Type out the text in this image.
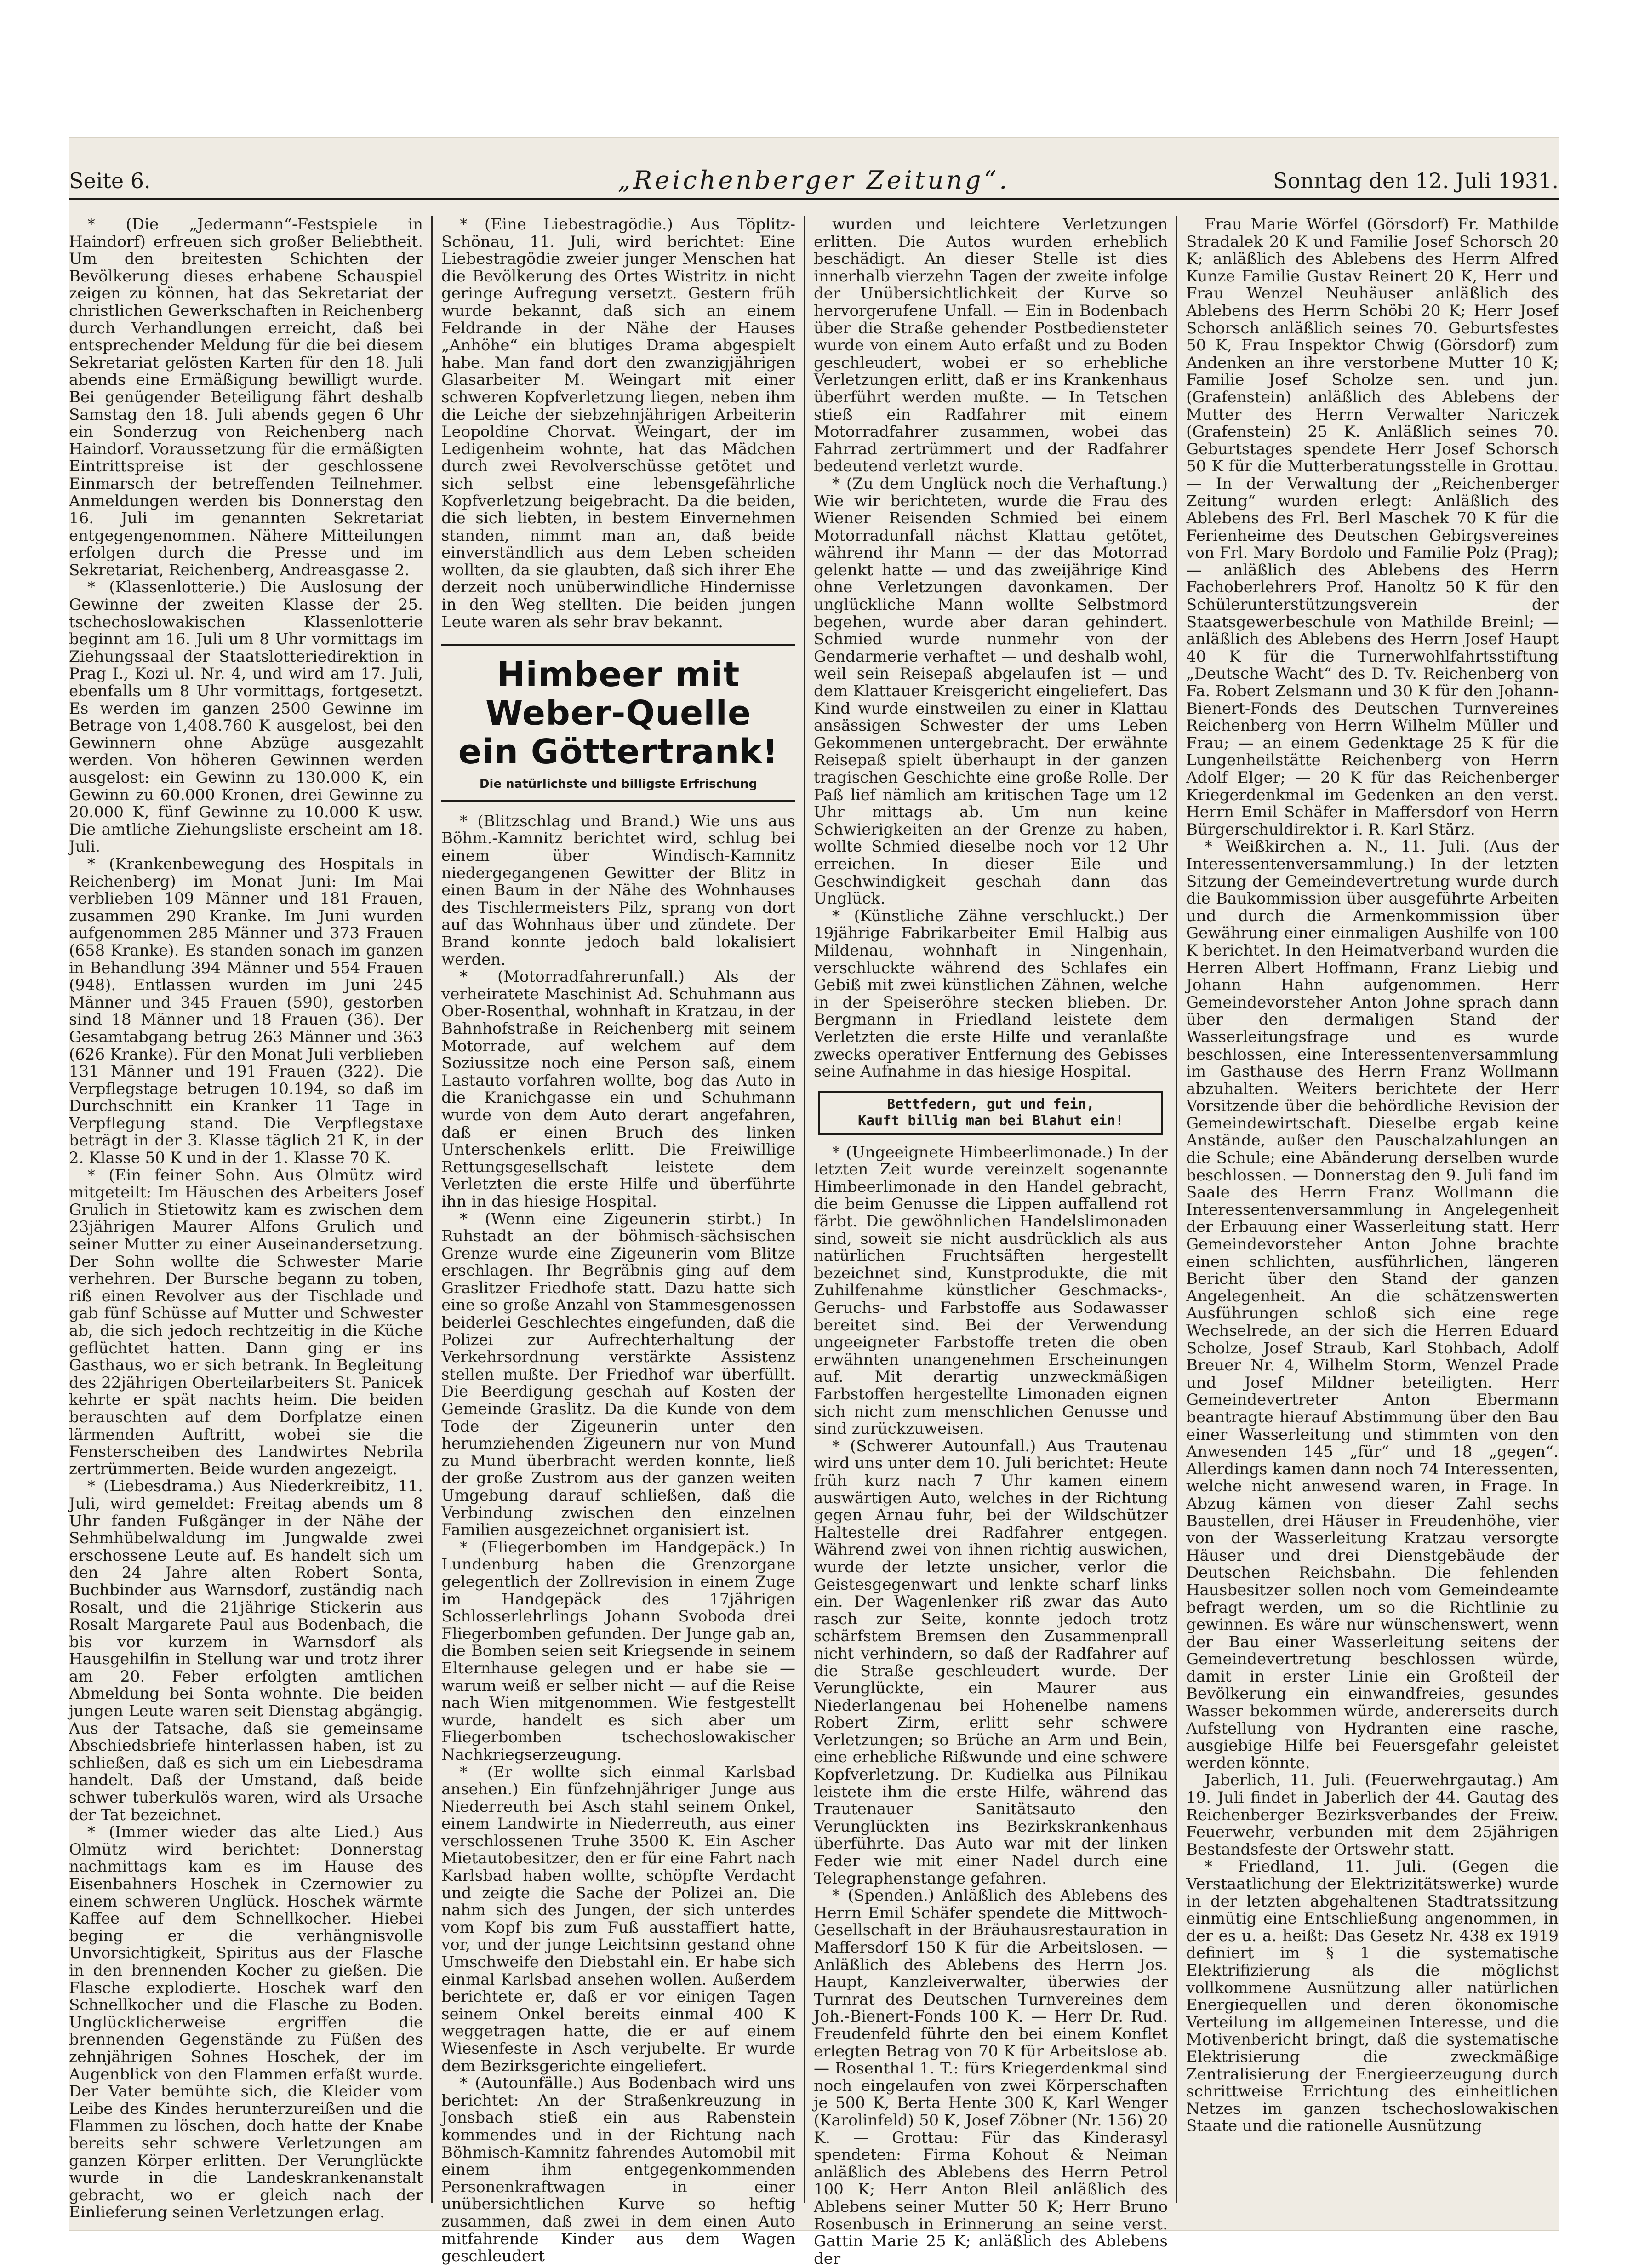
Seite 6.	„Reichenberger Zeitung“.	Sonntag den 12. Juli 1931.

* (Die „Jedermann“-Festspiele in Haindorf) erfreuen sich großer Beliebtheit. Um den breitesten Schichten der Bevölkerung dieses erhabene Schauspiel zeigen zu können, hat das Sekretariat der christlichen Gewerkschaften in Reichenberg durch Verhandlungen erreicht, daß bei entsprechender Meldung für die bei diesem Sekretariat gelösten Karten für den 18. Juli abends eine Ermäßigung bewilligt wurde. Bei genügender Beteiligung fährt deshalb Samstag den 18. Juli abends gegen 6 Uhr ein Sonderzug von Reichenberg nach Haindorf. Voraussetzung für die ermäßigten Eintrittspreise ist der geschlossene Einmarsch der betreffenden Teilnehmer. Anmeldungen werden bis Donnerstag den 16. Juli im genannten Sekretariat entgegengenommen. Nähere Mitteilungen erfolgen durch die Presse und im Sekretariat, Reichenberg, Andreasgasse 2.

* (Klassenlotterie.) Die Auslosung der Gewinne der zweiten Klasse der 25. tschechoslowakischen Klassenlotterie beginnt am 16. Juli um 8 Uhr vormittags im Ziehungssaal der Staatslotteriedirektion in Prag I., Kozi ul. Nr. 4, und wird am 17. Juli, ebenfalls um 8 Uhr vormittags, fortgesetzt. Es werden im ganzen 2500 Gewinne im Betrage von 1,408.760 K ausgelost, bei den Gewinnern ohne Abzüge ausgezahlt werden. Von höheren Gewinnen werden ausgelost: ein Gewinn zu 130.000 K, ein Gewinn zu 60.000 Kronen, drei Gewinne zu 20.000 K, fünf Gewinne zu 10.000 K usw. Die amtliche Ziehungsliste erscheint am 18. Juli.

* (Krankenbewegung des Hospitals in Reichenberg) im Monat Juni: Im Mai verblieben 109 Männer und 181 Frauen, zusammen 290 Kranke. Im Juni wurden aufgenommen 285 Männer und 373 Frauen (658 Kranke). Es standen sonach im ganzen in Behandlung 394 Männer und 554 Frauen (948). Entlassen wurden im Juni 245 Männer und 345 Frauen (590), gestorben sind 18 Männer und 18 Frauen (36). Der Gesamtabgang betrug 263 Männer und 363 (626 Kranke). Für den Monat Juli verblieben 131 Männer und 191 Frauen (322). Die Verpflegstage betrugen 10.194, so daß im Durchschnitt ein Kranker 11 Tage in Verpflegung stand. Die Verpflegstaxe beträgt in der 3. Klasse täglich 21 K, in der 2. Klasse 50 K und in der 1. Klasse 70 K.

* (Ein feiner Sohn. Aus Olmütz wird mitgeteilt: Im Häuschen des Arbeiters Josef Grulich in Stietowitz kam es zwischen dem 23jährigen Maurer Alfons Grulich und seiner Mutter zu einer Auseinandersetzung. Der Sohn wollte die Schwester Marie verhehren. Der Bursche begann zu toben, riß einen Revolver aus der Tischlade und gab fünf Schüsse auf Mutter und Schwester ab, die sich jedoch rechtzeitig in die Küche geflüchtet hatten. Dann ging er ins Gasthaus, wo er sich betrank. In Begleitung des 22jährigen Oberteilarbeiters St. Panicek kehrte er spät nachts heim. Die beiden berauschten auf dem Dorfplatze einen lärmenden Auftritt, wobei sie die Fensterscheiben des Landwirtes Nebrila zertrümmerten. Beide wurden angezeigt.

* (Liebesdrama.) Aus Niederkreibitz, 11. Juli, wird gemeldet: Freitag abends um 8 Uhr fanden Fußgänger in der Nähe der Sehmhübelwaldung im Jungwalde zwei erschossene Leute auf. Es handelt sich um den 24 Jahre alten Robert Sonta, Buchbinder aus Warnsdorf, zuständig nach Rosalt, und die 21jährige Stickerin aus Rosalt Margarete Paul aus Bodenbach, die bis vor kurzem in Warnsdorf als Hausgehilfin in Stellung war und trotz ihrer am 20. Feber erfolgten amtlichen Abmeldung bei Sonta wohnte. Die beiden jungen Leute waren seit Dienstag abgängig. Aus der Tatsache, daß sie gemeinsame Abschiedsbriefe hinterlassen haben, ist zu schließen, daß es sich um ein Liebesdrama handelt. Daß der Umstand, daß beide schwer tuberkulös waren, wird als Ursache der Tat bezeichnet.

* (Immer wieder das alte Lied.) Aus Olmütz wird berichtet: Donnerstag nachmittags kam es im Hause des Eisenbahners Hoschek in Czernowier zu einem schweren Unglück. Hoschek wärmte Kaffee auf dem Schnellkocher. Hiebei beging er die verhängnisvolle Unvorsichtigkeit, Spiritus aus der Flasche in den brennenden Kocher zu gießen. Die Flasche explodierte. Hoschek warf den Schnellkocher und die Flasche zu Boden. Unglücklicherweise ergriffen die brennenden Gegenstände zu Füßen des zehnjährigen Sohnes Hoschek, der im Augenblick von den Flammen erfaßt wurde. Der Vater bemühte sich, die Kleider vom Leibe des Kindes herunterzureißen und die Flammen zu löschen, doch hatte der Knabe bereits sehr schwere Verletzungen am ganzen Körper erlitten. Der Verunglückte wurde in die Landeskrankenanstalt gebracht, wo er gleich nach der Einlieferung seinen Verletzungen erlag.

* (Eine Liebestragödie.) Aus Töplitz-Schönau, 11. Juli, wird berichtet: Eine Liebestragödie zweier junger Menschen hat die Bevölkerung des Ortes Wistritz in nicht geringe Aufregung versetzt. Gestern früh wurde bekannt, daß sich an einem Feldrande in der Nähe der Hauses „Anhöhe“ ein blutiges Drama abgespielt habe. Man fand dort den zwanzigjährigen Glasarbeiter M. Weingart mit einer schweren Kopfverletzung liegen, neben ihm die Leiche der siebzehnjährigen Arbeiterin Leopoldine Chorvat. Weingart, der im Ledigenheim wohnte, hat das Mädchen durch zwei Revolverschüsse getötet und sich selbst eine lebensgefährliche Kopfverletzung beigebracht. Da die beiden, die sich liebten, in bestem Einvernehmen standen, nimmt man an, daß beide einverständlich aus dem Leben scheiden wollten, da sie glaubten, daß sich ihrer Ehe derzeit noch unüberwindliche Hindernisse in den Weg stellten. Die beiden jungen Leute waren als sehr brav bekannt.

Himbeer mit Weber-Quelle
ein Göttertrank!
Die natürlichste und billigste Erfrischung

* (Blitzschlag und Brand.) Wie uns aus Böhm.-Kamnitz berichtet wird, schlug bei einem über Windisch-Kamnitz niedergegangenen Gewitter der Blitz in einen Baum in der Nähe des Wohnhauses des Tischlermeisters Pilz, sprang von dort auf das Wohnhaus über und zündete. Der Brand konnte jedoch bald lokalisiert werden.

* (Motorradfahrerunfall.) Als der verheiratete Maschinist Ad. Schuhmann aus Ober-Rosenthal, wohnhaft in Kratzau, in der Bahnhofstraße in Reichenberg mit seinem Motorrade, auf welchem auf dem Soziussitze noch eine Person saß, einem Lastauto vorfahren wollte, bog das Auto in die Kranichgasse ein und Schuhmann wurde von dem Auto derart angefahren, daß er einen Bruch des linken Unterschenkels erlitt. Die Freiwillige Rettungsgesellschaft leistete dem Verletzten die erste Hilfe und überführte ihn in das hiesige Hospital.

* (Wenn eine Zigeunerin stirbt.) In Ruhstadt an der böhmisch-sächsischen Grenze wurde eine Zigeunerin vom Blitze erschlagen. Ihr Begräbnis ging auf dem Graslitzer Friedhofe statt. Dazu hatte sich eine so große Anzahl von Stammesgenossen beiderlei Geschlechtes eingefunden, daß die Polizei zur Aufrechterhaltung der Verkehrsordnung verstärkte Assistenz stellen mußte. Der Friedhof war überfüllt. Die Beerdigung geschah auf Kosten der Gemeinde Graslitz. Da die Kunde von dem Tode der Zigeunerin unter den herumziehenden Zigeunern nur von Mund zu Mund überbracht werden konnte, ließ der große Zustrom aus der ganzen weiten Umgebung darauf schließen, daß die Verbindung zwischen den einzelnen Familien ausgezeichnet organisiert ist.

* (Fliegerbomben im Handgepäck.) In Lundenburg haben die Grenzorgane gelegentlich der Zollrevision in einem Zuge im Handgepäck des 17jährigen Schlosserlehrlings Johann Svoboda drei Fliegerbomben gefunden. Der Junge gab an, die Bomben seien seit Kriegsende in seinem Elternhause gelegen und er habe sie — warum weiß er selber nicht — auf die Reise nach Wien mitgenommen. Wie festgestellt wurde, handelt es sich aber um Fliegerbomben tschechoslowakischer Nachkriegserzeugung.

* (Er wollte sich einmal Karlsbad ansehen.) Ein fünfzehnjähriger Junge aus Niederreuth bei Asch stahl seinem Onkel, einem Landwirte in Niederreuth, aus einer verschlossenen Truhe 3500 K. Ein Ascher Mietautobesitzer, den er für eine Fahrt nach Karlsbad haben wollte, schöpfte Verdacht und zeigte die Sache der Polizei an. Die nahm sich des Jungen, der sich unterdes vom Kopf bis zum Fuß ausstaffiert hatte, vor, und der junge Leichtsinn gestand ohne Umschweife den Diebstahl ein. Er habe sich einmal Karlsbad ansehen wollen. Außerdem berichtete er, daß er vor einigen Tagen seinem Onkel bereits einmal 400 K weggetragen hatte, die er auf einem Wiesenfeste in Asch verjubelte. Er wurde dem Bezirksgerichte eingeliefert.

* (Autounfälle.) Aus Bodenbach wird uns berichtet: An der Straßenkreuzung in Jonsbach stieß ein aus Rabenstein kommendes und in der Richtung nach Böhmisch-Kamnitz fahrendes Automobil mit einem ihm entgegenkommenden Personenkraftwagen in einer unübersichtlichen Kurve so heftig zusammen, daß zwei in dem einen Auto mitfahrende Kinder aus dem Wagen geschleudert

wurden und leichtere Verletzungen erlitten. Die Autos wurden erheblich beschädigt. An dieser Stelle ist dies innerhalb vierzehn Tagen der zweite infolge der Unübersichtlichkeit der Kurve so hervorgerufene Unfall. — Ein in Bodenbach über die Straße gehender Postbediensteter wurde von einem Auto erfaßt und zu Boden geschleudert, wobei er so erhebliche Verletzungen erlitt, daß er ins Krankenhaus überführt werden mußte. — In Tetschen stieß ein Radfahrer mit einem Motorradfahrer zusammen, wobei das Fahrrad zertrümmert und der Radfahrer bedeutend verletzt wurde.

* (Zu dem Unglück noch die Verhaftung.) Wie wir berichteten, wurde die Frau des Wiener Reisenden Schmied bei einem Motorradunfall nächst Klattau getötet, während ihr Mann — der das Motorrad gelenkt hatte — und das zweijährige Kind ohne Verletzungen davonkamen. Der unglückliche Mann wollte Selbstmord begehen, wurde aber daran gehindert. Schmied wurde nunmehr von der Gendarmerie verhaftet — und deshalb wohl, weil sein Reisepaß abgelaufen ist — und dem Klattauer Kreisgericht eingeliefert. Das Kind wurde einstweilen zu einer in Klattau ansässigen Schwester der ums Leben Gekommenen untergebracht. Der erwähnte Reisepaß spielt überhaupt in der ganzen tragischen Geschichte eine große Rolle. Der Paß lief nämlich am kritischen Tage um 12 Uhr mittags ab. Um nun keine Schwierigkeiten an der Grenze zu haben, wollte Schmied dieselbe noch vor 12 Uhr erreichen. In dieser Eile und Geschwindigkeit geschah dann das Unglück.

* (Künstliche Zähne verschluckt.) Der 19jährige Fabrikarbeiter Emil Halbig aus Mildenau, wohnhaft in Ningenhain, verschluckte während des Schlafes ein Gebiß mit zwei künstlichen Zähnen, welche in der Speiseröhre stecken blieben. Dr. Bergmann in Friedland leistete dem Verletzten die erste Hilfe und veranlaßte zwecks operativer Entfernung des Gebisses seine Aufnahme in das hiesige Hospital.

Bettfedern, gut und fein,
Kauft billig man bei Blahut ein!

* (Ungeeignete Himbeerlimonade.) In der letzten Zeit wurde vereinzelt sogenannte Himbeerlimonade in den Handel gebracht, die beim Genusse die Lippen auffallend rot färbt. Die gewöhnlichen Handelslimonaden sind, soweit sie nicht ausdrücklich als aus natürlichen Fruchtsäften hergestellt bezeichnet sind, Kunstprodukte, die mit Zuhilfenahme künstlicher Geschmacks-, Geruchs- und Farbstoffe aus Sodawasser bereitet sind. Bei der Verwendung ungeeigneter Farbstoffe treten die oben erwähnten unangenehmen Erscheinungen auf. Mit derartig unzweckmäßigen Farbstoffen hergestellte Limonaden eignen sich nicht zum menschlichen Genusse und sind zurückzuweisen.

* (Schwerer Autounfall.) Aus Trautenau wird uns unter dem 10. Juli berichtet: Heute früh kurz nach 7 Uhr kamen einem auswärtigen Auto, welches in der Richtung gegen Arnau fuhr, bei der Wildschützer Haltestelle drei Radfahrer entgegen. Während zwei von ihnen richtig auswichen, wurde der letzte unsicher, verlor die Geistesgegenwart und lenkte scharf links ein. Der Wagenlenker riß zwar das Auto rasch zur Seite, konnte jedoch trotz schärfstem Bremsen den Zusammenprall nicht verhindern, so daß der Radfahrer auf die Straße geschleudert wurde. Der Verunglückte, ein Maurer aus Niederlangenau bei Hohenelbe namens Robert Zirm, erlitt sehr schwere Verletzungen; so Brüche an Arm und Bein, eine erhebliche Rißwunde und eine schwere Kopfverletzung. Dr. Kudielka aus Pilnikau leistete ihm die erste Hilfe, während das Trautenauer Sanitätsauto den Verunglückten ins Bezirkskrankenhaus überführte. Das Auto war mit der linken Feder wie mit einer Nadel durch eine Telegraphenstange gefahren.

* (Spenden.) Anläßlich des Ablebens des Herrn Emil Schäfer spendete die Mittwoch-Gesellschaft in der Bräuhausrestauration in Maffersdorf 150 K für die Arbeitslosen. — Anläßlich des Ablebens des Herrn Jos. Haupt, Kanzleiverwalter, überwies der Turnrat des Deutschen Turnvereines dem Joh.-Bienert-Fonds 100 K. — Herr Dr. Rud. Freudenfeld führte den bei einem Konflet erlegten Betrag von 70 K für Arbeitslose ab. — Rosenthal 1. T.: fürs Kriegerdenkmal sind noch eingelaufen von zwei Körperschaften je 500 K, Berta Hente 300 K, Karl Wenger (Karolinfeld) 50 K, Josef Zöbner (Nr. 156) 20 K. — Grottau: Für das Kinderasyl spendeten: Firma Kohout & Neiman anläßlich des Ablebens des Herrn Petrol 100 K; Herr Anton Bleil anläßlich des Ablebens seiner Mutter 50 K; Herr Bruno Rosenbusch in Erinnerung an seine verst. Gattin Marie 25 K; anläßlich des Ablebens der

Frau Marie Wörfel (Görsdorf) Fr. Mathilde Stradalek 20 K und Familie Josef Schorsch 20 K; anläßlich des Ablebens des Herrn Alfred Kunze Familie Gustav Reinert 20 K, Herr und Frau Wenzel Neuhäuser anläßlich des Ablebens des Herrn Schöbi 20 K; Herr Josef Schorsch anläßlich seines 70. Geburtsfestes 50 K, Frau Inspektor Chwig (Görsdorf) zum Andenken an ihre verstorbene Mutter 10 K; Familie Josef Scholze sen. und jun. (Grafenstein) anläßlich des Ablebens der Mutter des Herrn Verwalter Nariczek (Grafenstein) 25 K. Anläßlich seines 70. Geburtstages spendete Herr Josef Schorsch 50 K für die Mutterberatungsstelle in Grottau. — In der Verwaltung der „Reichenberger Zeitung“ wurden erlegt: Anläßlich des Ablebens des Frl. Berl Maschek 70 K für die Ferienheime des Deutschen Gebirgsvereines von Frl. Mary Bordolo und Familie Polz (Prag); — anläßlich des Ablebens des Herrn Fachoberlehrers Prof. Hanoltz 50 K für den Schülerunterstützungsverein der Staatsgewerbeschule von Mathilde Breinl; — anläßlich des Ablebens des Herrn Josef Haupt 40 K für die Turnerwohlfahrtsstiftung „Deutsche Wacht“ des D. Tv. Reichenberg von Fa. Robert Zelsmann und 30 K für den Johann-Bienert-Fonds des Deutschen Turnvereines Reichenberg von Herrn Wilhelm Müller und Frau; — an einem Gedenktage 25 K für die Lungenheilstätte Reichenberg von Herrn Adolf Elger; — 20 K für das Reichenberger Kriegerdenkmal im Gedenken an den verst. Herrn Emil Schäfer in Maffersdorf von Herrn Bürgerschuldirektor i. R. Karl Stärz.

* Weißkirchen a. N., 11. Juli. (Aus der Interessentenversammlung.) In der letzten Sitzung der Gemeindevertretung wurde durch die Baukommission über ausgeführte Arbeiten und durch die Armenkommission über Gewährung einer einmaligen Aushilfe von 100 K berichtet. In den Heimatverband wurden die Herren Albert Hoffmann, Franz Liebig und Johann Hahn aufgenommen. Herr Gemeindevorsteher Anton Johne sprach dann über den dermaligen Stand der Wasserleitungsfrage und es wurde beschlossen, eine Interessentenversammlung im Gasthause des Herrn Franz Wollmann abzuhalten. Weiters berichtete der Herr Vorsitzende über die behördliche Revision der Gemeindewirtschaft. Dieselbe ergab keine Anstände, außer den Pauschalzahlungen an die Schule; eine Abänderung derselben wurde beschlossen. — Donnerstag den 9. Juli fand im Saale des Herrn Franz Wollmann die Interessentenversammlung in Angelegenheit der Erbauung einer Wasserleitung statt. Herr Gemeindevorsteher Anton Johne brachte einen schlichten, ausführlichen, längeren Bericht über den Stand der ganzen Angelegenheit. An die schätzenswerten Ausführungen schloß sich eine rege Wechselrede, an der sich die Herren Eduard Scholze, Josef Straub, Karl Stohbach, Adolf Breuer Nr. 4, Wilhelm Storm, Wenzel Prade und Josef Mildner beteiligten. Herr Gemeindevertreter Anton Ebermann beantragte hierauf Abstimmung über den Bau einer Wasserleitung und stimmten von den Anwesenden 145 „für“ und 18 „gegen“. Allerdings kamen dann noch 74 Interessenten, welche nicht anwesend waren, in Frage. In Abzug kämen von dieser Zahl sechs Baustellen, drei Häuser in Freudenhöhe, vier von der Wasserleitung Kratzau versorgte Häuser und drei Dienstgebäude der Deutschen Reichsbahn. Die fehlenden Hausbesitzer sollen noch vom Gemeindeamte befragt werden, um so die Richtlinie zu gewinnen. Es wäre nur wünschenswert, wenn der Bau einer Wasserleitung seitens der Gemeindevertretung beschlossen würde, damit in erster Linie ein Großteil der Bevölkerung ein einwandfreies, gesundes Wasser bekommen würde, andererseits durch Aufstellung von Hydranten eine rasche, ausgiebige Hilfe bei Feuersgefahr geleistet werden könnte.

Jaberlich, 11. Juli. (Feuerwehrgautag.) Am 19. Juli findet in Jaberlich der 44. Gautag des Reichenberger Bezirksverbandes der Freiw. Feuerwehr, verbunden mit dem 25jährigen Bestandsfeste der Ortswehr statt.

* Friedland, 11. Juli. (Gegen die Verstaatlichung der Elektrizitätswerke) wurde in der letzten abgehaltenen Stadtratssitzung einmütig eine Entschließung angenommen, in der es u. a. heißt: Das Gesetz Nr. 438 ex 1919 definiert im § 1 die systematische Elektrifizierung als die möglichst vollkommene Ausnützung aller natürlichen Energiequellen und deren ökonomische Verteilung im allgemeinen Interesse, und die Motivenbericht bringt, daß die systematische Elektrisierung die zweckmäßige Zentralisierung der Energieerzeugung durch schrittweise Errichtung des einheitlichen Netzes im ganzen tschechoslowakischen Staate und die rationelle Ausnützung
